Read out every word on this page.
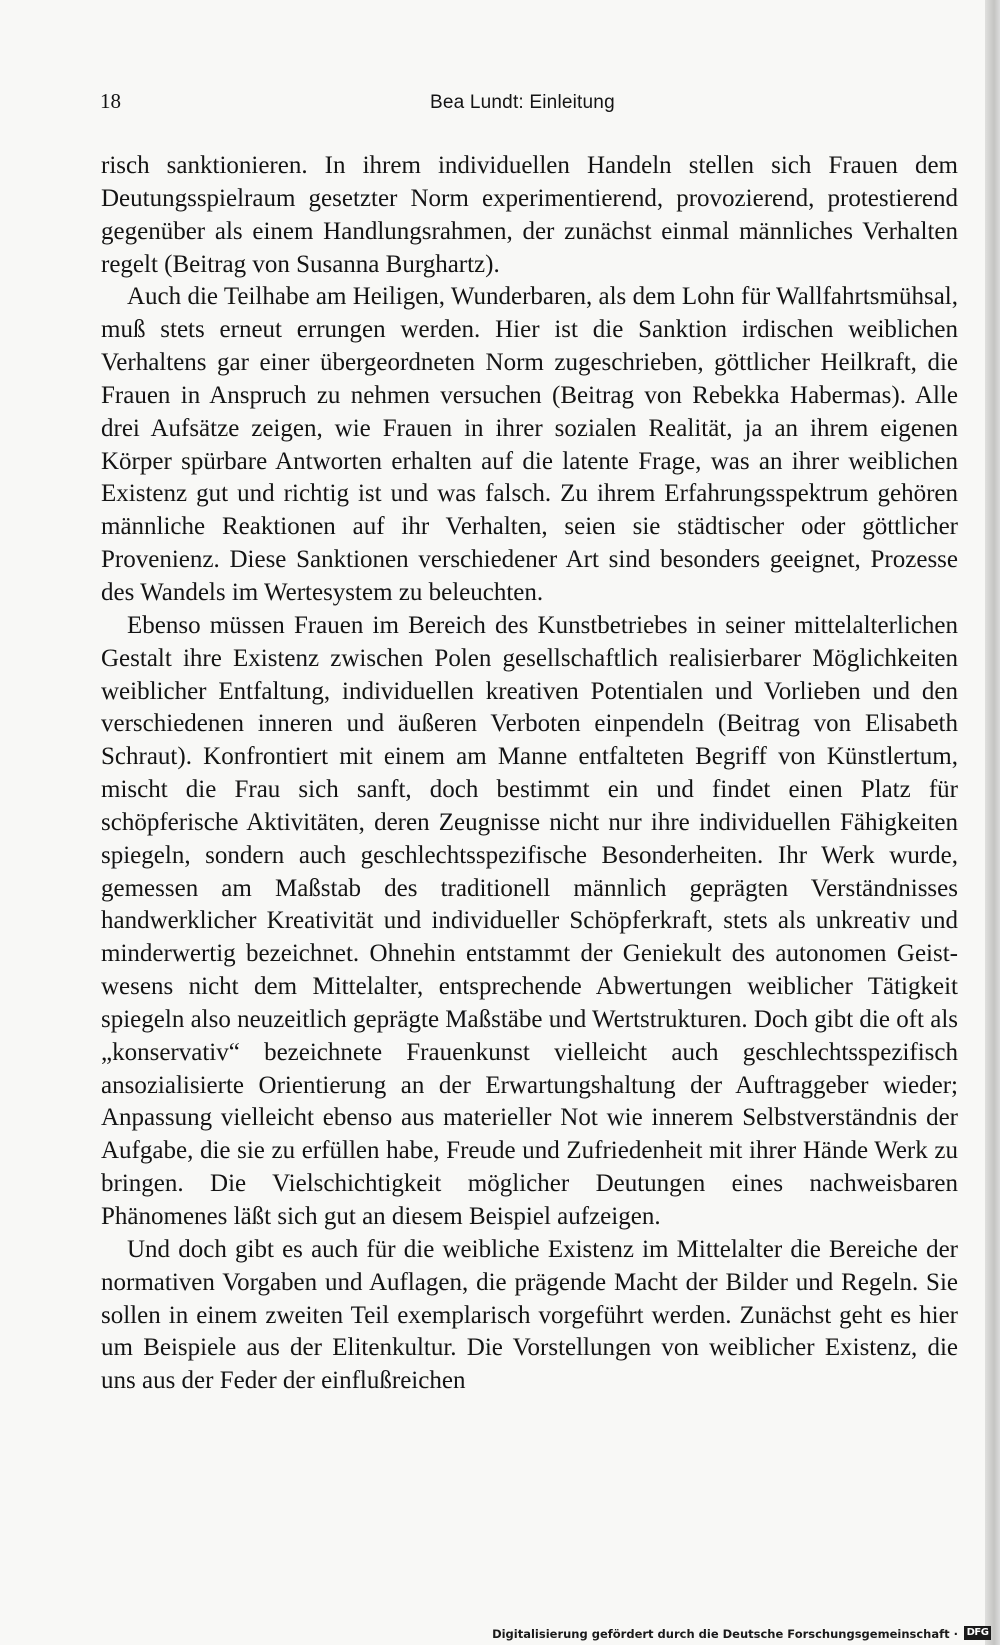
18	Bea Lundt: Einleitung

risch sanktionieren. In ihrem individuellen Handeln stellen sich Frauen dem Deutungsspielraum gesetzter Norm experimentierend, provozierend, protestierend gegenüber als einem Handlungsrahmen, der zunächst einmal männliches Verhalten regelt (Beitrag von Susanna Burghartz).

Auch die Teilhabe am Heiligen, Wunderbaren, als dem Lohn für Wallfahrtsmühsal, muß stets erneut errungen werden. Hier ist die Sanktion irdischen weiblichen Verhaltens gar einer übergeordneten Norm zugeschrieben, göttlicher Heilkraft, die Frauen in Anspruch zu nehmen versuchen (Beitrag von Rebekka Habermas). Alle drei Aufsätze zeigen, wie Frauen in ihrer sozialen Realität, ja an ihrem eigenen Körper spürbare Antworten erhalten auf die latente Frage, was an ihrer weiblichen Existenz gut und richtig ist und was falsch. Zu ihrem Erfahrungsspektrum gehören männliche Reaktionen auf ihr Verhalten, seien sie städtischer oder göttlicher Provenienz. Diese Sanktionen verschiedener Art sind besonders geeignet, Prozesse des Wandels im Wertesystem zu beleuchten.

Ebenso müssen Frauen im Bereich des Kunstbetriebes in seiner mittelalterlichen Gestalt ihre Existenz zwischen Polen gesellschaftlich realisierbarer Möglichkeiten weiblicher Entfaltung, individuellen kreativen Potentialen und Vorlieben und den verschiedenen inneren und äußeren Verboten einpendeln (Beitrag von Elisabeth Schraut). Konfrontiert mit einem am Manne entfalteten Begriff von Künstlertum, mischt die Frau sich sanft, doch bestimmt ein und findet einen Platz für schöpferische Aktivitäten, deren Zeugnisse nicht nur ihre individuellen Fähigkeiten spiegeln, sondern auch geschlechtsspezifische Besonderheiten. Ihr Werk wurde, gemessen am Maßstab des traditionell männlich geprägten Verständnisses handwerklicher Kreativität und individueller Schöpferkraft, stets als unkreativ und minderwertig bezeichnet. Ohnehin entstammt der Geniekult des autonomen Geistwesens nicht dem Mittelalter, entsprechende Abwertungen weiblicher Tätigkeit spiegeln also neuzeitlich geprägte Maßstäbe und Wertstrukturen. Doch gibt die oft als „konservativ“ bezeichnete Frauenkunst vielleicht auch geschlechtsspezifisch ansozialisierte Orientierung an der Erwartungshaltung der Auftraggeber wieder; Anpassung vielleicht ebenso aus materieller Not wie innerem Selbstverständnis der Aufgabe, die sie zu erfüllen habe, Freude und Zufriedenheit mit ihrer Hände Werk zu bringen. Die Vielschichtigkeit möglicher Deutungen eines nachweisbaren Phänomenes läßt sich gut an diesem Beispiel aufzeigen.

Und doch gibt es auch für die weibliche Existenz im Mittelalter die Bereiche der normativen Vorgaben und Auflagen, die prägende Macht der Bilder und Regeln. Sie sollen in einem zweiten Teil exemplarisch vorgeführt werden. Zunächst geht es hier um Beispiele aus der Elitenkultur. Die Vorstellungen von weiblicher Existenz, die uns aus der Feder der einflußreichen

Digitalisierung gefördert durch die Deutsche Forschungsgemeinschaft · DFG
